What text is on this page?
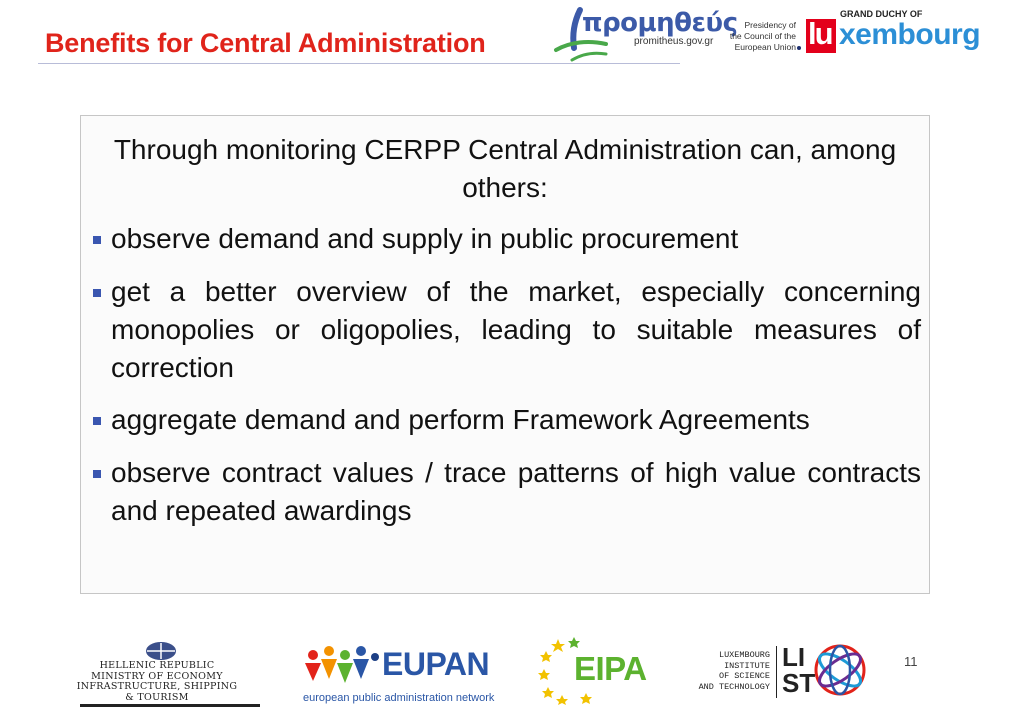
Benefits for Central Administration
προμηθεύς
promitheus.gov.gr
Presidency of
the Council of the
European Union
GRAND DUCHY OF
lu xembourg
Through monitoring CERPP Central Administration can, among others:
observe demand and supply in public procurement
get a better overview of the market, especially concerning monopolies or oligopolies, leading to suitable measures of correction
aggregate demand and perform Framework Agreements
observe contract values / trace patterns of high value contracts and repeated awardings
11
HELLENIC REPUBLIC
MINISTRY OF ECONOMY
INFRASTRUCTURE, SHIPPING
& TOURISM
EUPAN
european public administration network
EIPA	LUXEMBOURG
INSTITUTE
OF SCIENCE
AND TECHNOLOGY
LI
ST
